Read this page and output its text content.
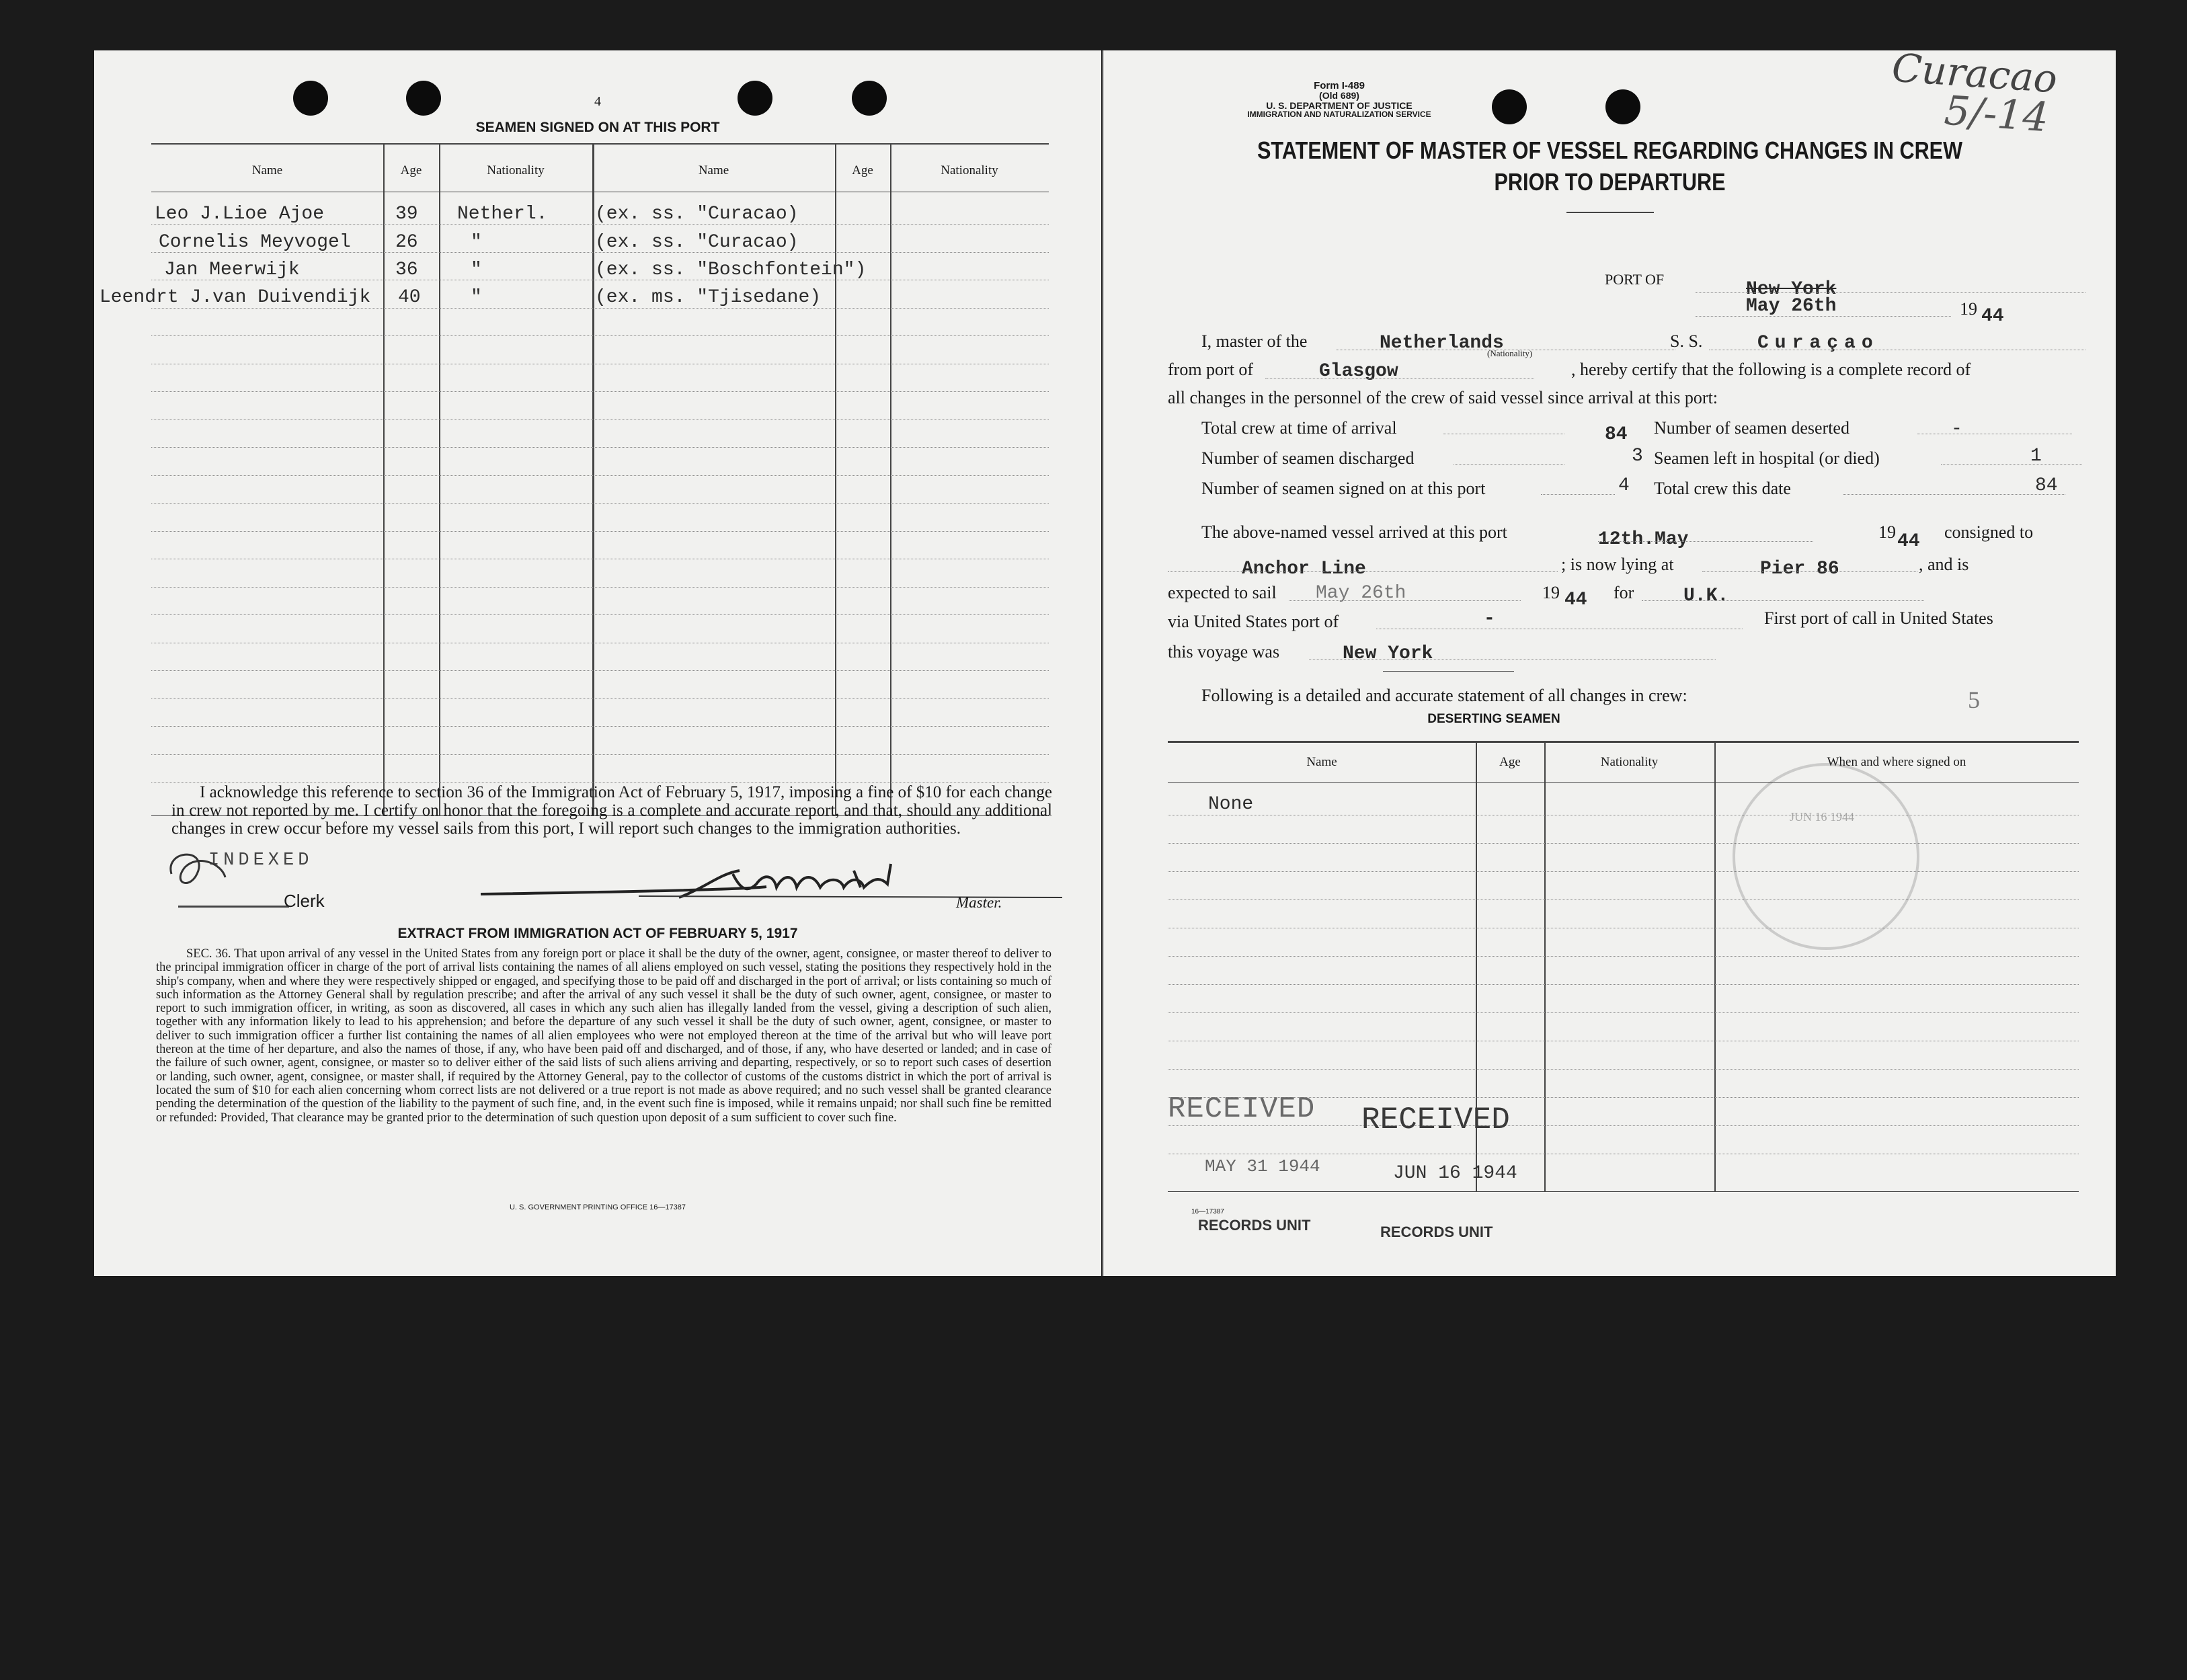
4
SEAMEN SIGNED ON AT THIS PORT
Name	Age	Nationality	Name	Age	Nationality
Leo J.Lioe Ajoe	39 Netherl.	(ex. ss. "Curacao)
Cornelis Meyvogel 26	"	(ex. ss. "Curacao)
Jan Meerwijk	36	"	(ex. ss. "Boschfontein")
Leendrt J.van Duivendijk 40	"	(ex. ms. "Tjisedane)
I acknowledge this reference to section 36 of the Immigration Act of February 5, 1917, imposing a fine of $10 for each change in crew not reported by me. I certify on honor that the foregoing is a complete and accurate report, and that, should any additional changes in crew occur before my vessel sails from this port, I will report such changes to the immigration authorities.
INDEXED
Clerk	Master.
EXTRACT FROM IMMIGRATION ACT OF FEBRUARY 5, 1917
SEC. 36. That upon arrival of any vessel in the United States from any foreign port or place it shall be the duty of the owner, agent, consignee, or master thereof to deliver to the principal immigration officer in charge of the port of arrival lists containing the names of all aliens employed on such vessel, stating the positions they respectively hold in the ship's company, when and where they were respectively shipped or engaged, and specifying those to be paid off and discharged in the port of arrival; or lists containing so much of such information as the Attorney General shall by regulation prescribe; and after the arrival of any such vessel it shall be the duty of such owner, agent, consignee, or master to report to such immigration officer, in writing, as soon as discovered, all cases in which any such alien has illegally landed from the vessel, giving a description of such alien, together with any information likely to lead to his apprehension; and before the departure of any such vessel it shall be the duty of such owner, agent, consignee, or master to deliver to such immigration officer a further list containing the names of all alien employees who were not employed thereon at the time of the arrival but who will leave port thereon at the time of her departure, and also the names of those, if any, who have been paid off and discharged, and of those, if any, who have deserted or landed; and in case of the failure of such owner, agent, consignee, or master so to deliver either of the said lists of such aliens arriving and departing, respectively, or so to report such cases of desertion or landing, such owner, agent, consignee, or master shall, if required by the Attorney General, pay to the collector of customs of the customs district in which the port of arrival is located the sum of $10 for each alien concerning whom correct lists are not delivered or a true report is not made as above required; and no such vessel shall be granted clearance pending the determination of the question of the liability to the payment of such fine, and, in the event such fine is imposed, while it remains unpaid; nor shall such fine be remitted or refunded: Provided, That clearance may be granted prior to the determination of such question upon deposit of a sum sufficient to cover such fine.
U. S. GOVERNMENT PRINTING OFFICE 16—17387
Form I-489
(Old 689)
U. S. DEPARTMENT OF JUSTICE
IMMIGRATION AND NATURALIZATION SERVICE
Curacao
5/-14
STATEMENT OF MASTER OF VESSEL REGARDING CHANGES IN CREW
PRIOR TO DEPARTURE
PORT OF	New York
May 26th	19 44
I, master of the	Netherlands
(Nationality)
S. S.	Curaçao
from port of	Glasgow	, hereby certify that the following is a complete record of
all changes in the personnel of the crew of said vessel since arrival at this port:
Total crew at time of arrival	84 Number of seamen deserted	-
Number of seamen discharged	3 Seamen left in hospital (or died)	1
Number of seamen signed on at this port	4 Total crew this date	84
The above-named vessel arrived at this port	12th.May	19 44 consigned to
Anchor Line	; is now lying at	Pier 86	, and is
expected to sail May 26th	19 44 for	U.K.
via United States port of	-	First port of call in United States
this voyage was	New York
Following is a detailed and accurate statement of all changes in crew:	5
DESERTING SEAMEN
Name	Age	Nationality	When and where signed on
None
JUN 16 1944
RECEIVED RECEIVED
MAY 31 1944	JUN 16 1944
16—17387
RECORDS UNIT	RECORDS UNIT
